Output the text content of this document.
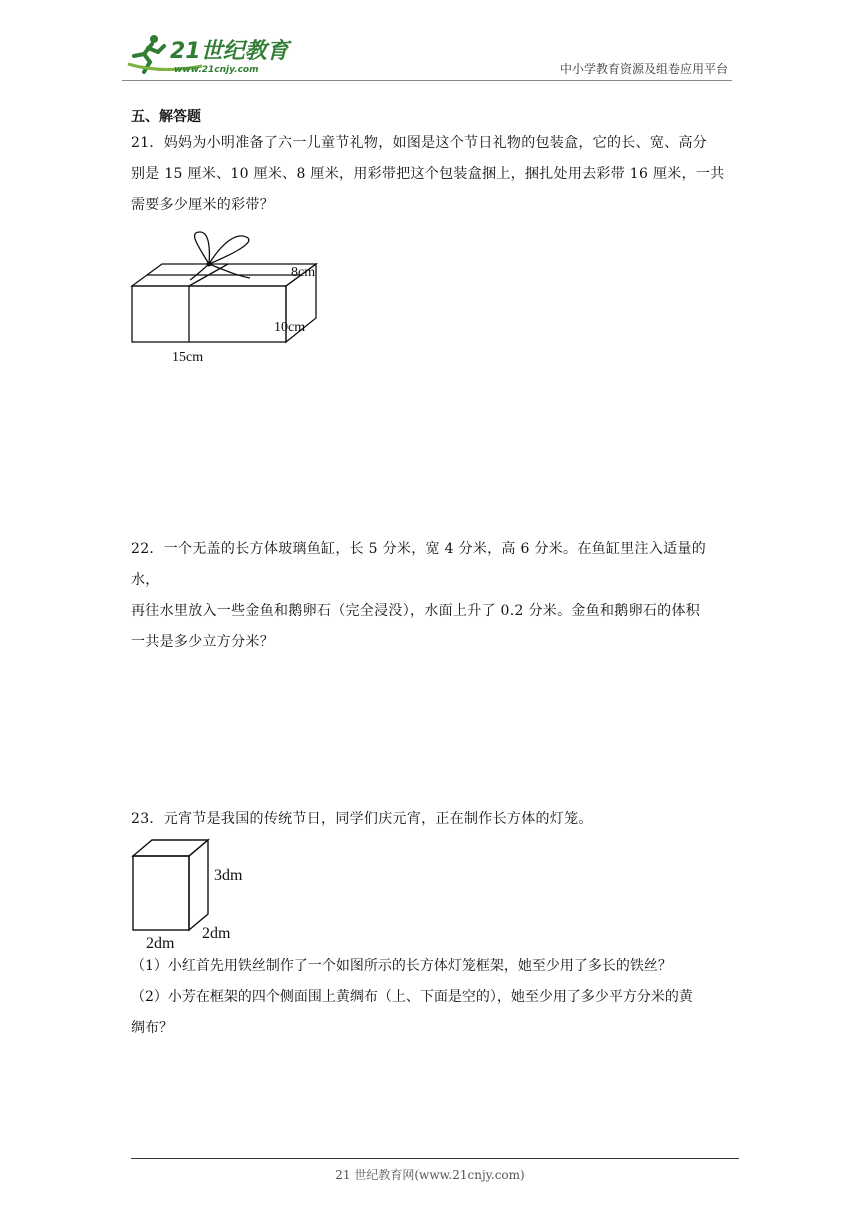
21世纪教育
www.21cnjy.com	中小学教育资源及组卷应用平台
五、解答题
21．妈妈为小明准备了六一儿童节礼物，如图是这个节日礼物的包装盒，它的长、宽、高分
别是 15 厘米、10 厘米、8 厘米，用彩带把这个包装盒捆上，捆扎处用去彩带 16 厘米，一共
需要多少厘米的彩带？
8cm
10cm
15cm
22．一个无盖的长方体玻璃鱼缸，长 5 分米，宽 4 分米，高 6 分米。在鱼缸里注入适量的水，
再往水里放入一些金鱼和鹅卵石（完全浸没），水面上升了 0.2 分米。金鱼和鹅卵石的体积
一共是多少立方分米？
23．元宵节是我国的传统节日，同学们庆元宵，正在制作长方体的灯笼。
3dm
2dm
2dm
（1）小红首先用铁丝制作了一个如图所示的长方体灯笼框架，她至少用了多长的铁丝？
（2）小芳在框架的四个侧面围上黄绸布（上、下面是空的），她至少用了多少平方分米的黄
绸布？
21 世纪教育网(www.21cnjy.com)
